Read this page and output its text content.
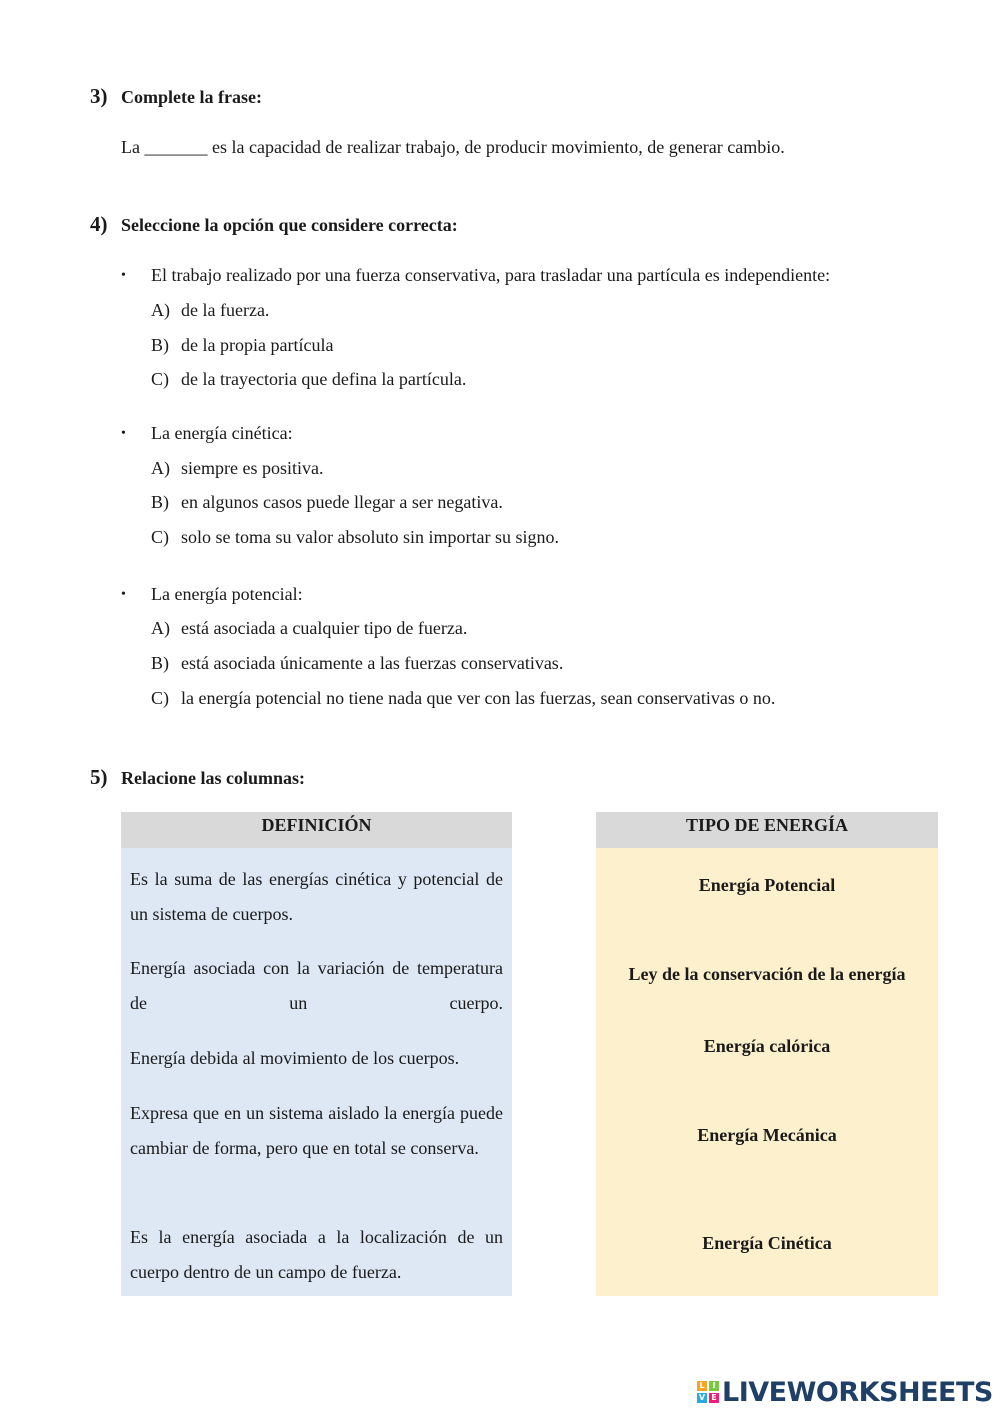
3) Complete la frase:
La _______ es la capacidad de realizar trabajo, de producir movimiento, de generar cambio.
4) Seleccione la opción que considere correcta:
• El trabajo realizado por una fuerza conservativa, para trasladar una partícula es independiente:
A) de la fuerza.
B) de la propia partícula
C) de la trayectoria que defina la partícula.
• La energía cinética:
A) siempre es positiva.
B) en algunos casos puede llegar a ser negativa.
C) solo se toma su valor absoluto sin importar su signo.
• La energía potencial:
A) está asociada a cualquier tipo de fuerza.
B) está asociada únicamente a las fuerzas conservativas.
C) la energía potencial no tiene nada que ver con las fuerzas, sean conservativas o no.
5) Relacione las columnas:
DEFINICIÓN	TIPO DE ENERGÍA
Es la suma de las energías cinética y potencial de un sistema de cuerpos.
Energía asociada con la variación de temperatura de un cuerpo.
Energía debida al movimiento de los cuerpos.
Expresa que en un sistema aislado la energía puede cambiar de forma, pero que en total se conserva.
Es la energía asociada a la localización de un cuerpo dentro de un campo de fuerza.
Energía Potencial
Ley de la conservación de la energía
Energía calórica
Energía Mecánica
Energía Cinética
L I
V E LIVEWORKSHEETS
